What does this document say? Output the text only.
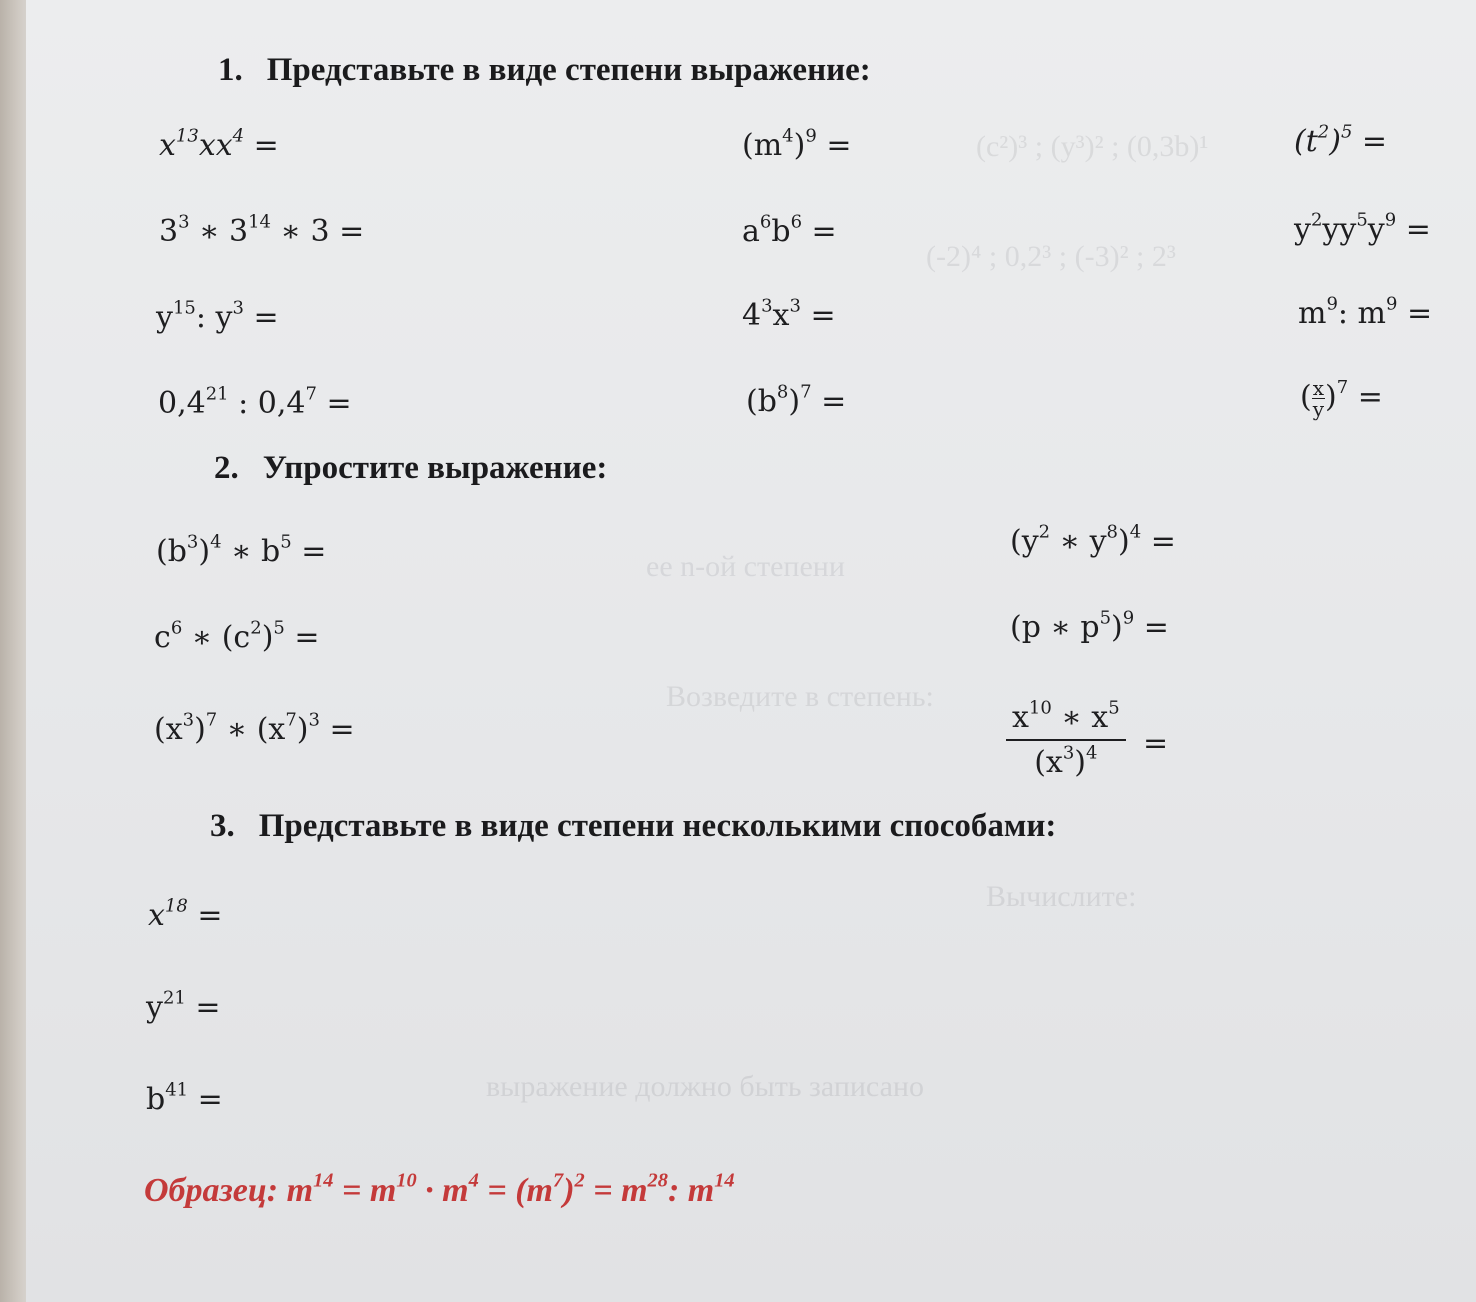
(c²)³ ; (y³)² ; (0,3b)¹
(-2)⁴ ; 0,2³ ; (-3)² ; 2³
ее n-ой степени
Возведите в степень:
Вычислите:
выражение должно быть записано
1. Представьте в виде степени выражение:
$x^{13}xx^4$ =	$(m^4)^9$ =	$(t^2)^5$ =
$3^3$ ∗ $3^{14}$ ∗ 3 =	$a^6b^6$ =	$y^2yy^5y^9$ =
$y^{15}$: $y^3$ =	$4^3x^3$ =	$m^9$: $m^9$ =
$0,4^{21}$ : $0,4^7$ =	$(b^8)^7$ =	( $\frac{x}{y} )^7$ =
2. Упростите выражение:
$(b^3)^4$ ∗ $b^5$ =	($y^2$ ∗ $y^8)^4$ =
$c^6$ ∗ $(c^2)^5$ =	(p ∗ $p^5)^9$ =
$(x^3)^7$ ∗ $(x^7)^3$ =	$\frac{x^{10} ∗ x^5}{(x^3)^4}$ =
3. Представьте в виде степени несколькими способами:
$x^{18}$ =
$y^{21}$ =
$b^{41}$ =
Образец: $m^{14} = m^{10} \cdot m^4 = (m^7)^2 = m^{28}$: $m^{14}$
